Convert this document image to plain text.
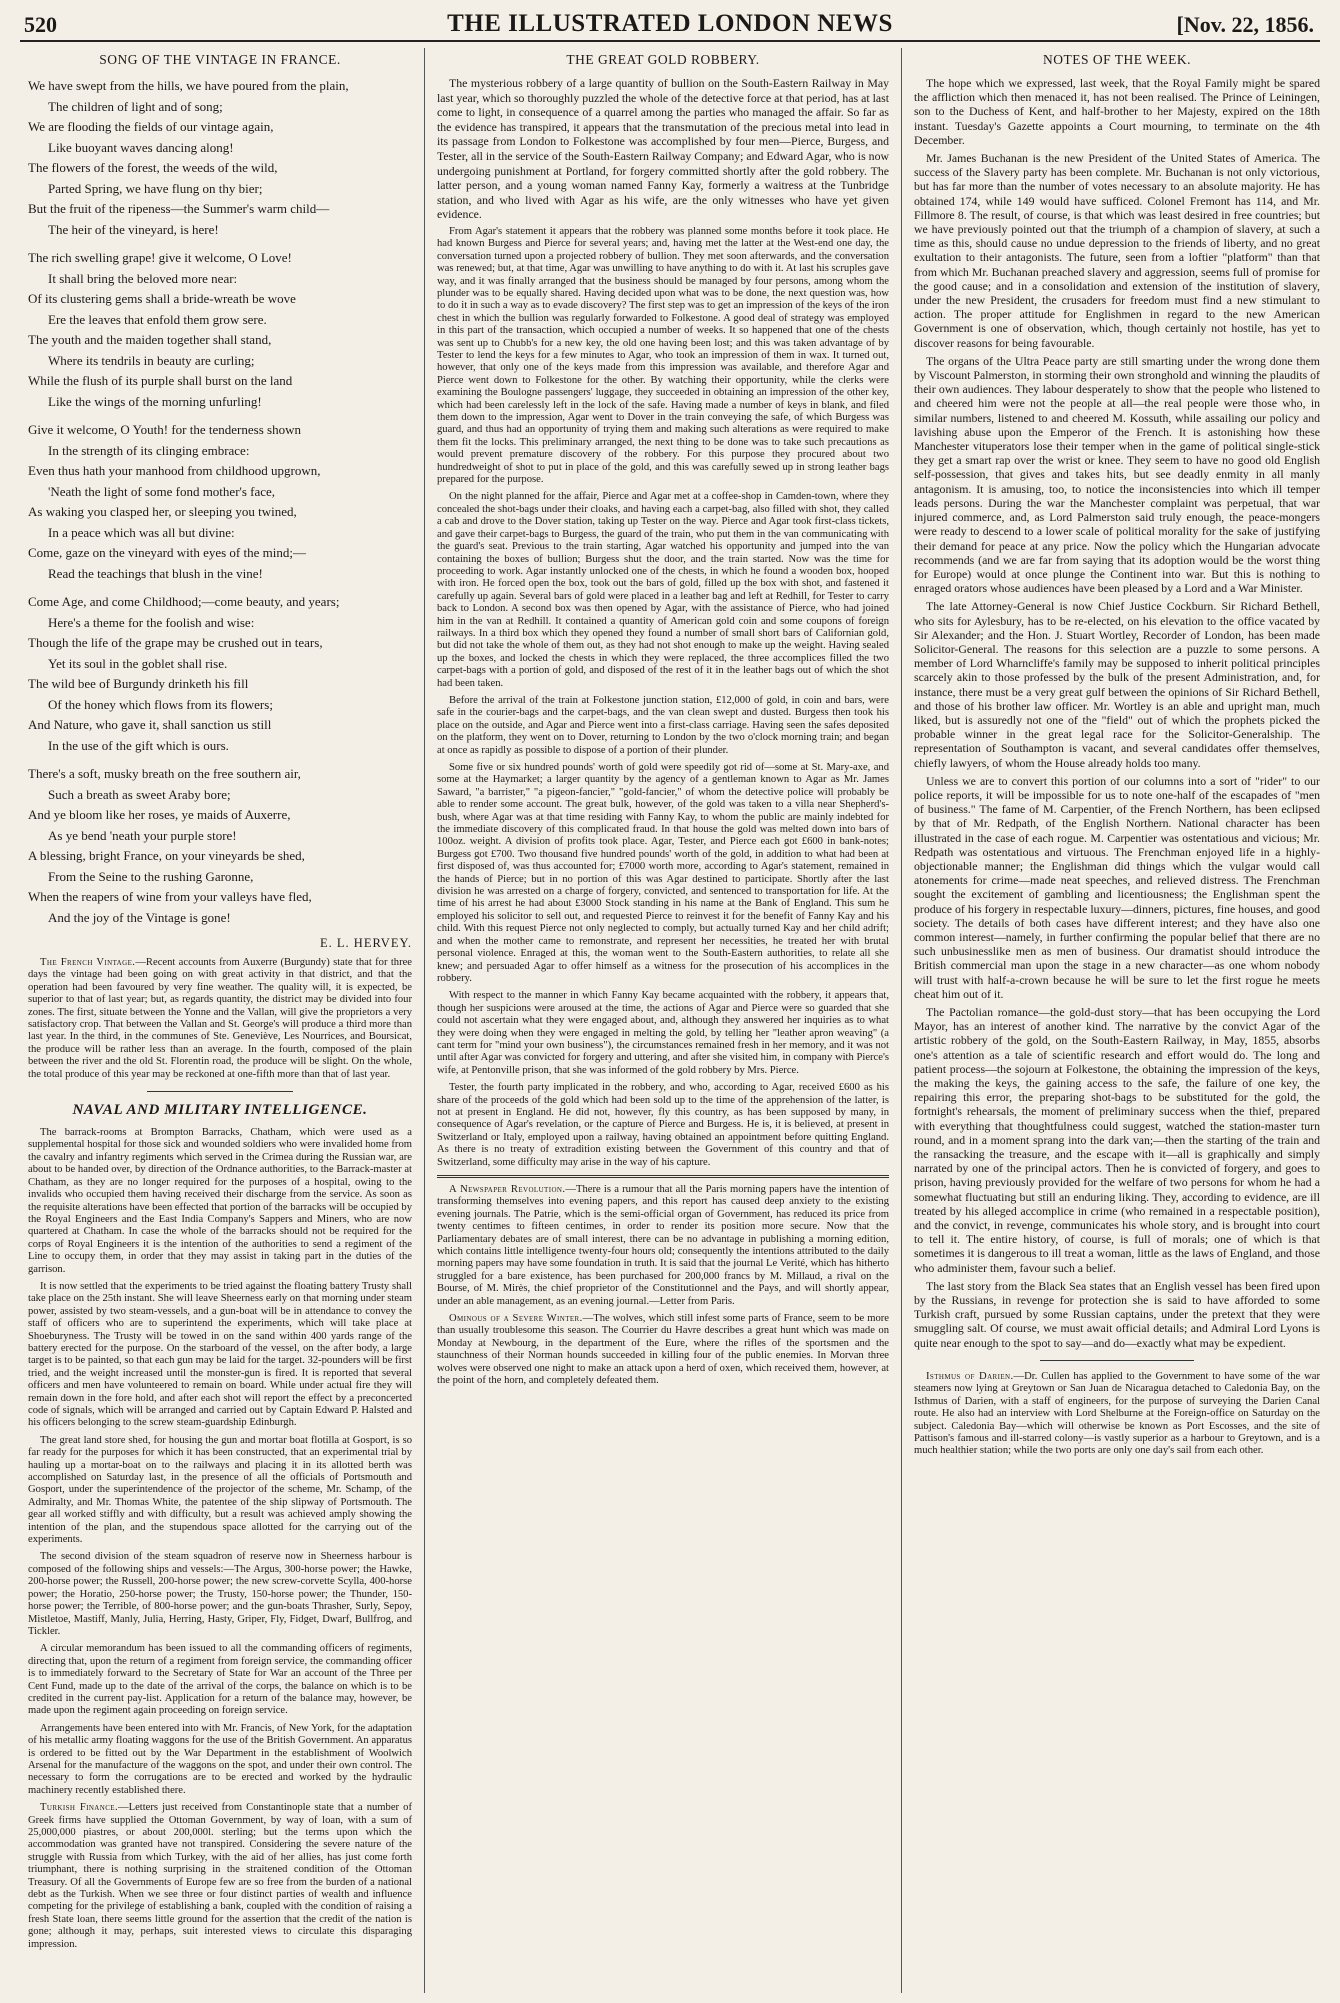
520	THE ILLUSTRATED LONDON NEWS	[Nov. 22, 1856.
SONG OF THE VINTAGE IN FRANCE.
We have swept from the hills, we have poured from the plain,
The children of light and of song;
We are flooding the fields of our vintage again,
Like buoyant waves dancing along!
The flowers of the forest, the weeds of the wild,
Parted Spring, we have flung on thy bier;
But the fruit of the ripeness—the Summer's warm child—
The heir of the vineyard, is here!
The rich swelling grape! give it welcome, O Love!
It shall bring the beloved more near:
Of its clustering gems shall a bride-wreath be wove
Ere the leaves that enfold them grow sere.
The youth and the maiden together shall stand,
Where its tendrils in beauty are curling;
While the flush of its purple shall burst on the land
Like the wings of the morning unfurling!
Give it welcome, O Youth! for the tenderness shown
In the strength of its clinging embrace:
Even thus hath your manhood from childhood upgrown,
'Neath the light of some fond mother's face,
As waking you clasped her, or sleeping you twined,
In a peace which was all but divine:
Come, gaze on the vineyard with eyes of the mind;—
Read the teachings that blush in the vine!
Come Age, and come Childhood;—come beauty, and years;
Here's a theme for the foolish and wise:
Though the life of the grape may be crushed out in tears,
Yet its soul in the goblet shall rise.
The wild bee of Burgundy drinketh his fill
Of the honey which flows from its flowers;
And Nature, who gave it, shall sanction us still
In the use of the gift which is ours.
There's a soft, musky breath on the free southern air,
Such a breath as sweet Araby bore;
And ye bloom like her roses, ye maids of Auxerre,
As ye bend 'neath your purple store!
A blessing, bright France, on your vineyards be shed,
From the Seine to the rushing Garonne,
When the reapers of wine from your valleys have fled,
And the joy of the Vintage is gone!
E. L. HERVEY.

The French Vintage.—Recent accounts from Auxerre (Burgundy) state that for three days the vintage had been going on with great activity in that district, and that the operation had been favoured by very fine weather. The quality will, it is expected, be superior to that of last year; but, as regards quantity, the district may be divided into four zones. The first, situate between the Yonne and the Vallan, will give the proprietors a very satisfactory crop. That between the Vallan and St. George's will produce a third more than last year. In the third, in the communes of Ste. Geneviève, Les Nourrices, and Boursicat, the produce will be rather less than an average. In the fourth, composed of the plain between the river and the old St. Florentin road, the produce will be slight. On the whole, the total produce of this year may be reckoned at one-fifth more than that of last year.

NAVAL AND MILITARY INTELLIGENCE.

The barrack-rooms at Brompton Barracks, Chatham, which were used as a supplemental hospital for those sick and wounded soldiers who were invalided home from the cavalry and infantry regiments which served in the Crimea during the Russian war, are about to be handed over, by direction of the Ordnance authorities, to the Barrack-master at Chatham, as they are no longer required for the purposes of a hospital, owing to the invalids who occupied them having received their discharge from the service. As soon as the requisite alterations have been effected that portion of the barracks will be occupied by the Royal Engineers and the East India Company's Sappers and Miners, who are now quartered at Chatham. In case the whole of the barracks should not be required for the corps of Royal Engineers it is the intention of the authorities to send a regiment of the Line to occupy them, in order that they may assist in taking part in the duties of the garrison.

It is now settled that the experiments to be tried against the floating battery Trusty shall take place on the 25th instant. She will leave Sheerness early on that morning under steam power, assisted by two steam-vessels, and a gun-boat will be in attendance to convey the staff of officers who are to superintend the experiments, which will take place at Shoeburyness. The Trusty will be towed in on the sand within 400 yards range of the battery erected for the purpose. On the starboard of the vessel, on the after body, a large target is to be painted, so that each gun may be laid for the target. 32-pounders will be first tried, and the weight increased until the monster-gun is fired. It is reported that several officers and men have volunteered to remain on board. While under actual fire they will remain down in the fore hold, and after each shot will report the effect by a preconcerted code of signals, which will be arranged and carried out by Captain Edward P. Halsted and his officers belonging to the screw steam-guardship Edinburgh.

The great land store shed, for housing the gun and mortar boat flotilla at Gosport, is so far ready for the purposes for which it has been constructed, that an experimental trial by hauling up a mortar-boat on to the railways and placing it in its allotted berth was accomplished on Saturday last, in the presence of all the officials of Portsmouth and Gosport, under the superintendence of the projector of the scheme, Mr. Schamp, of the Admiralty, and Mr. Thomas White, the patentee of the ship slipway of Portsmouth. The gear all worked stiffly and with difficulty, but a result was achieved amply showing the intention of the plan, and the stupendous space allotted for the carrying out of the experiments.

The second division of the steam squadron of reserve now in Sheerness harbour is composed of the following ships and vessels:—The Argus, 300-horse power; the Hawke, 200-horse power; the Russell, 200-horse power; the new screw-corvette Scylla, 400-horse power; the Horatio, 250-horse power; the Trusty, 150-horse power; the Thunder, 150-horse power; the Terrible, of 800-horse power; and the gun-boats Thrasher, Surly, Sepoy, Mistletoe, Mastiff, Manly, Julia, Herring, Hasty, Griper, Fly, Fidget, Dwarf, Bullfrog, and Tickler.

A circular memorandum has been issued to all the commanding officers of regiments, directing that, upon the return of a regiment from foreign service, the commanding officer is to immediately forward to the Secretary of State for War an account of the Three per Cent Fund, made up to the date of the arrival of the corps, the balance on which is to be credited in the current pay-list. Application for a return of the balance may, however, be made upon the regiment again proceeding on foreign service.

Arrangements have been entered into with Mr. Francis, of New York, for the adaptation of his metallic army floating waggons for the use of the British Government. An apparatus is ordered to be fitted out by the War Department in the establishment of Woolwich Arsenal for the manufacture of the waggons on the spot, and under their own control. The necessary to form the corrugations are to be erected and worked by the hydraulic machinery recently established there.

Turkish Finance.—Letters just received from Constantinople state that a number of Greek firms have supplied the Ottoman Government, by way of loan, with a sum of 25,000,000 piastres, or about 200,000l. sterling; but the terms upon which the accommodation was granted have not transpired. Considering the severe nature of the struggle with Russia from which Turkey, with the aid of her allies, has just come forth triumphant, there is nothing surprising in the straitened condition of the Ottoman Treasury. Of all the Governments of Europe few are so free from the burden of a national debt as the Turkish. When we see three or four distinct parties of wealth and influence competing for the privilege of establishing a bank, coupled with the condition of raising a fresh State loan, there seems little ground for the assertion that the credit of the nation is gone; although it may, perhaps, suit interested views to circulate this disparaging impression.

THE GREAT GOLD ROBBERY.

The mysterious robbery of a large quantity of bullion on the South-Eastern Railway in May last year, which so thoroughly puzzled the whole of the detective force at that period, has at last come to light, in consequence of a quarrel among the parties who managed the affair. So far as the evidence has transpired, it appears that the transmutation of the precious metal into lead in its passage from London to Folkestone was accomplished by four men—Pierce, Burgess, and Tester, all in the service of the South-Eastern Railway Company; and Edward Agar, who is now undergoing punishment at Portland, for forgery committed shortly after the gold robbery. The latter person, and a young woman named Fanny Kay, formerly a waitress at the Tunbridge station, and who lived with Agar as his wife, are the only witnesses who have yet given evidence.

From Agar's statement it appears that the robbery was planned some months before it took place. He had known Burgess and Pierce for several years; and, having met the latter at the West-end one day, the conversation turned upon a projected robbery of bullion. They met soon afterwards, and the conversation was renewed; but, at that time, Agar was unwilling to have anything to do with it. At last his scruples gave way, and it was finally arranged that the business should be managed by four persons, among whom the plunder was to be equally shared. Having decided upon what was to be done, the next question was, how to do it in such a way as to evade discovery? The first step was to get an impression of the keys of the iron chest in which the bullion was regularly forwarded to Folkestone. A good deal of strategy was employed in this part of the transaction, which occupied a number of weeks. It so happened that one of the chests was sent up to Chubb's for a new key, the old one having been lost; and this was taken advantage of by Tester to lend the keys for a few minutes to Agar, who took an impression of them in wax. It turned out, however, that only one of the keys made from this impression was available, and therefore Agar and Pierce went down to Folkestone for the other. By watching their opportunity, while the clerks were examining the Boulogne passengers' luggage, they succeeded in obtaining an impression of the other key, which had been carelessly left in the lock of the safe. Having made a number of keys in blank, and filed them down to the impression, Agar went to Dover in the train conveying the safe, of which Burgess was guard, and thus had an opportunity of trying them and making such alterations as were required to make them fit the locks. This preliminary arranged, the next thing to be done was to take such precautions as would prevent premature discovery of the robbery. For this purpose they procured about two hundredweight of shot to put in place of the gold, and this was carefully sewed up in strong leather bags prepared for the purpose.

On the night planned for the affair, Pierce and Agar met at a coffee-shop in Camden-town, where they concealed the shot-bags under their cloaks, and having each a carpet-bag, also filled with shot, they called a cab and drove to the Dover station, taking up Tester on the way. Pierce and Agar took first-class tickets, and gave their carpet-bags to Burgess, the guard of the train, who put them in the van communicating with the guard's seat. Previous to the train starting, Agar watched his opportunity and jumped into the van containing the boxes of bullion; Burgess shut the door, and the train started. Now was the time for proceeding to work. Agar instantly unlocked one of the chests, in which he found a wooden box, hooped with iron. He forced open the box, took out the bars of gold, filled up the box with shot, and fastened it carefully up again. Several bars of gold were placed in a leather bag and left at Redhill, for Tester to carry back to London. A second box was then opened by Agar, with the assistance of Pierce, who had joined him in the van at Redhill. It contained a quantity of American gold coin and some coupons of foreign railways. In a third box which they opened they found a number of small short bars of Californian gold, but did not take the whole of them out, as they had not shot enough to make up the weight. Having sealed up the boxes, and locked the chests in which they were replaced, the three accomplices filled the two carpet-bags with a portion of gold, and disposed of the rest of it in the leather bags out of which the shot had been taken.

Before the arrival of the train at Folkestone junction station, £12,000 of gold, in coin and bars, were safe in the courier-bags and the carpet-bags, and the van clean swept and dusted. Burgess then took his place on the outside, and Agar and Pierce went into a first-class carriage. Having seen the safes deposited on the platform, they went on to Dover, returning to London by the two o'clock morning train; and began at once as rapidly as possible to dispose of a portion of their plunder.

Some five or six hundred pounds' worth of gold were speedily got rid of—some at St. Mary-axe, and some at the Haymarket; a larger quantity by the agency of a gentleman known to Agar as Mr. James Saward, "a barrister," "a pigeon-fancier," "gold-fancier," of whom the detective police will probably be able to render some account. The great bulk, however, of the gold was taken to a villa near Shepherd's-bush, where Agar was at that time residing with Fanny Kay, to whom the public are mainly indebted for the immediate discovery of this complicated fraud. In that house the gold was melted down into bars of 100oz. weight. A division of profits took place. Agar, Tester, and Pierce each got £600 in bank-notes; Burgess got £700. Two thousand five hundred pounds' worth of the gold, in addition to what had been at first disposed of, was thus accounted for; £7000 worth more, according to Agar's statement, remained in the hands of Pierce; but in no portion of this was Agar destined to participate. Shortly after the last division he was arrested on a charge of forgery, convicted, and sentenced to transportation for life. At the time of his arrest he had about £3000 Stock standing in his name at the Bank of England. This sum he employed his solicitor to sell out, and requested Pierce to reinvest it for the benefit of Fanny Kay and his child. With this request Pierce not only neglected to comply, but actually turned Kay and her child adrift; and when the mother came to remonstrate, and represent her necessities, he treated her with brutal personal violence. Enraged at this, the woman went to the South-Eastern authorities, to relate all she knew; and persuaded Agar to offer himself as a witness for the prosecution of his accomplices in the robbery.

With respect to the manner in which Fanny Kay became acquainted with the robbery, it appears that, though her suspicions were aroused at the time, the actions of Agar and Pierce were so guarded that she could not ascertain what they were engaged about, and, although they answered her inquiries as to what they were doing when they were engaged in melting the gold, by telling her "leather apron weaving" (a cant term for "mind your own business"), the circumstances remained fresh in her memory, and it was not until after Agar was convicted for forgery and uttering, and after she visited him, in company with Pierce's wife, at Pentonville prison, that she was informed of the gold robbery by Mrs. Pierce.

Tester, the fourth party implicated in the robbery, and who, according to Agar, received £600 as his share of the proceeds of the gold which had been sold up to the time of the apprehension of the latter, is not at present in England. He did not, however, fly this country, as has been supposed by many, in consequence of Agar's revelation, or the capture of Pierce and Burgess. He is, it is believed, at present in Switzerland or Italy, employed upon a railway, having obtained an appointment before quitting England. As there is no treaty of extradition existing between the Government of this country and that of Switzerland, some difficulty may arise in the way of his capture.

A Newspaper Revolution.—There is a rumour that all the Paris morning papers have the intention of transforming themselves into evening papers, and this report has caused deep anxiety to the existing evening journals. The Patrie, which is the semi-official organ of Government, has reduced its price from twenty centimes to fifteen centimes, in order to render its position more secure. Now that the Parliamentary debates are of small interest, there can be no advantage in publishing a morning edition, which contains little intelligence twenty-four hours old; consequently the intentions attributed to the daily morning papers may have some foundation in truth. It is said that the journal Le Verité, which has hitherto struggled for a bare existence, has been purchased for 200,000 francs by M. Millaud, a rival on the Bourse, of M. Mirès, the chief proprietor of the Constitutionnel and the Pays, and will shortly appear, under an able management, as an evening journal.—Letter from Paris.

Ominous of a Severe Winter.—The wolves, which still infest some parts of France, seem to be more than usually troublesome this season. The Courrier du Havre describes a great hunt which was made on Monday at Newbourg, in the department of the Eure, where the rifles of the sportsmen and the staunchness of their Norman hounds succeeded in killing four of the public enemies. In Morvan three wolves were observed one night to make an attack upon a herd of oxen, which received them, however, at the point of the horn, and completely defeated them.

NOTES OF THE WEEK.

The hope which we expressed, last week, that the Royal Family might be spared the affliction which then menaced it, has not been realised. The Prince of Leiningen, son to the Duchess of Kent, and half-brother to her Majesty, expired on the 18th instant. Tuesday's Gazette appoints a Court mourning, to terminate on the 4th December.

Mr. James Buchanan is the new President of the United States of America. The success of the Slavery party has been complete. Mr. Buchanan is not only victorious, but has far more than the number of votes necessary to an absolute majority. He has obtained 174, while 149 would have sufficed. Colonel Fremont has 114, and Mr. Fillmore 8. The result, of course, is that which was least desired in free countries; but we have previously pointed out that the triumph of a champion of slavery, at such a time as this, should cause no undue depression to the friends of liberty, and no great exultation to their antagonists. The future, seen from a loftier "platform" than that from which Mr. Buchanan preached slavery and aggression, seems full of promise for the good cause; and in a consolidation and extension of the institution of slavery, under the new President, the crusaders for freedom must find a new stimulant to action. The proper attitude for Englishmen in regard to the new American Government is one of observation, which, though certainly not hostile, has yet to discover reasons for being favourable.

The organs of the Ultra Peace party are still smarting under the wrong done them by Viscount Palmerston, in storming their own stronghold and winning the plaudits of their own audiences. They labour desperately to show that the people who listened to and cheered him were not the people at all—the real people were those who, in similar numbers, listened to and cheered M. Kossuth, while assailing our policy and lavishing abuse upon the Emperor of the French. It is astonishing how these Manchester vituperators lose their temper when in the game of political single-stick they get a smart rap over the wrist or knee. They seem to have no good old English self-possession, that gives and takes hits, but see deadly enmity in all manly antagonism. It is amusing, too, to notice the inconsistencies into which ill temper leads persons. During the war the Manchester complaint was perpetual, that war injured commerce, and, as Lord Palmerston said truly enough, the peace-mongers were ready to descend to a lower scale of political morality for the sake of justifying their demand for peace at any price. Now the policy which the Hungarian advocate recommends (and we are far from saying that its adoption would be the worst thing for Europe) would at once plunge the Continent into war. But this is nothing to enraged orators whose audiences have been pleased by a Lord and a War Minister.

The late Attorney-General is now Chief Justice Cockburn. Sir Richard Bethell, who sits for Aylesbury, has to be re-elected, on his elevation to the office vacated by Sir Alexander; and the Hon. J. Stuart Wortley, Recorder of London, has been made Solicitor-General. The reasons for this selection are a puzzle to some persons. A member of Lord Wharncliffe's family may be supposed to inherit political principles scarcely akin to those professed by the bulk of the present Administration, and, for instance, there must be a very great gulf between the opinions of Sir Richard Bethell, and those of his brother law officer. Mr. Wortley is an able and upright man, much liked, but is assuredly not one of the "field" out of which the prophets picked the probable winner in the great legal race for the Solicitor-Generalship. The representation of Southampton is vacant, and several candidates offer themselves, chiefly lawyers, of whom the House already holds too many.

Unless we are to convert this portion of our columns into a sort of "rider" to our police reports, it will be impossible for us to note one-half of the escapades of "men of business." The fame of M. Carpentier, of the French Northern, has been eclipsed by that of Mr. Redpath, of the English Northern. National character has been illustrated in the case of each rogue. M. Carpentier was ostentatious and vicious; Mr. Redpath was ostentatious and virtuous. The Frenchman enjoyed life in a highly-objectionable manner; the Englishman did things which the vulgar would call atonements for crime—made neat speeches, and relieved distress. The Frenchman sought the excitement of gambling and licentiousness; the Englishman spent the produce of his forgery in respectable luxury—dinners, pictures, fine houses, and good society. The details of both cases have different interest; and they have also one common interest—namely, in further confirming the popular belief that there are no such unbusinesslike men as men of business. Our dramatist should introduce the British commercial man upon the stage in a new character—as one whom nobody will trust with half-a-crown because he will be sure to let the first rogue he meets cheat him out of it.

The Pactolian romance—the gold-dust story—that has been occupying the Lord Mayor, has an interest of another kind. The narrative by the convict Agar of the artistic robbery of the gold, on the South-Eastern Railway, in May, 1855, absorbs one's attention as a tale of scientific research and effort would do. The long and patient process—the sojourn at Folkestone, the obtaining the impression of the keys, the making the keys, the gaining access to the safe, the failure of one key, the repairing this error, the preparing shot-bags to be substituted for the gold, the fortnight's rehearsals, the moment of preliminary success when the thief, prepared with everything that thoughtfulness could suggest, watched the station-master turn round, and in a moment sprang into the dark van;—then the starting of the train and the ransacking the treasure, and the escape with it—all is graphically and simply narrated by one of the principal actors. Then he is convicted of forgery, and goes to prison, having previously provided for the welfare of two persons for whom he had a somewhat fluctuating but still an enduring liking. They, according to evidence, are ill treated by his alleged accomplice in crime (who remained in a respectable position), and the convict, in revenge, communicates his whole story, and is brought into court to tell it. The entire history, of course, is full of morals; one of which is that sometimes it is dangerous to ill treat a woman, little as the laws of England, and those who administer them, favour such a belief.

The last story from the Black Sea states that an English vessel has been fired upon by the Russians, in revenge for protection she is said to have afforded to some Turkish craft, pursued by some Russian captains, under the pretext that they were smuggling salt. Of course, we must await official details; and Admiral Lord Lyons is quite near enough to the spot to say—and do—exactly what may be expedient.

Isthmus of Darien.—Dr. Cullen has applied to the Government to have some of the war steamers now lying at Greytown or San Juan de Nicaragua detached to Caledonia Bay, on the Isthmus of Darien, with a staff of engineers, for the purpose of surveying the Darien Canal route. He also had an interview with Lord Shelburne at the Foreign-office on Saturday on the subject. Caledonia Bay—which will otherwise be known as Port Escosses, and the site of Pattison's famous and ill-starred colony—is vastly superior as a harbour to Greytown, and is a much healthier station; while the two ports are only one day's sail from each other.
